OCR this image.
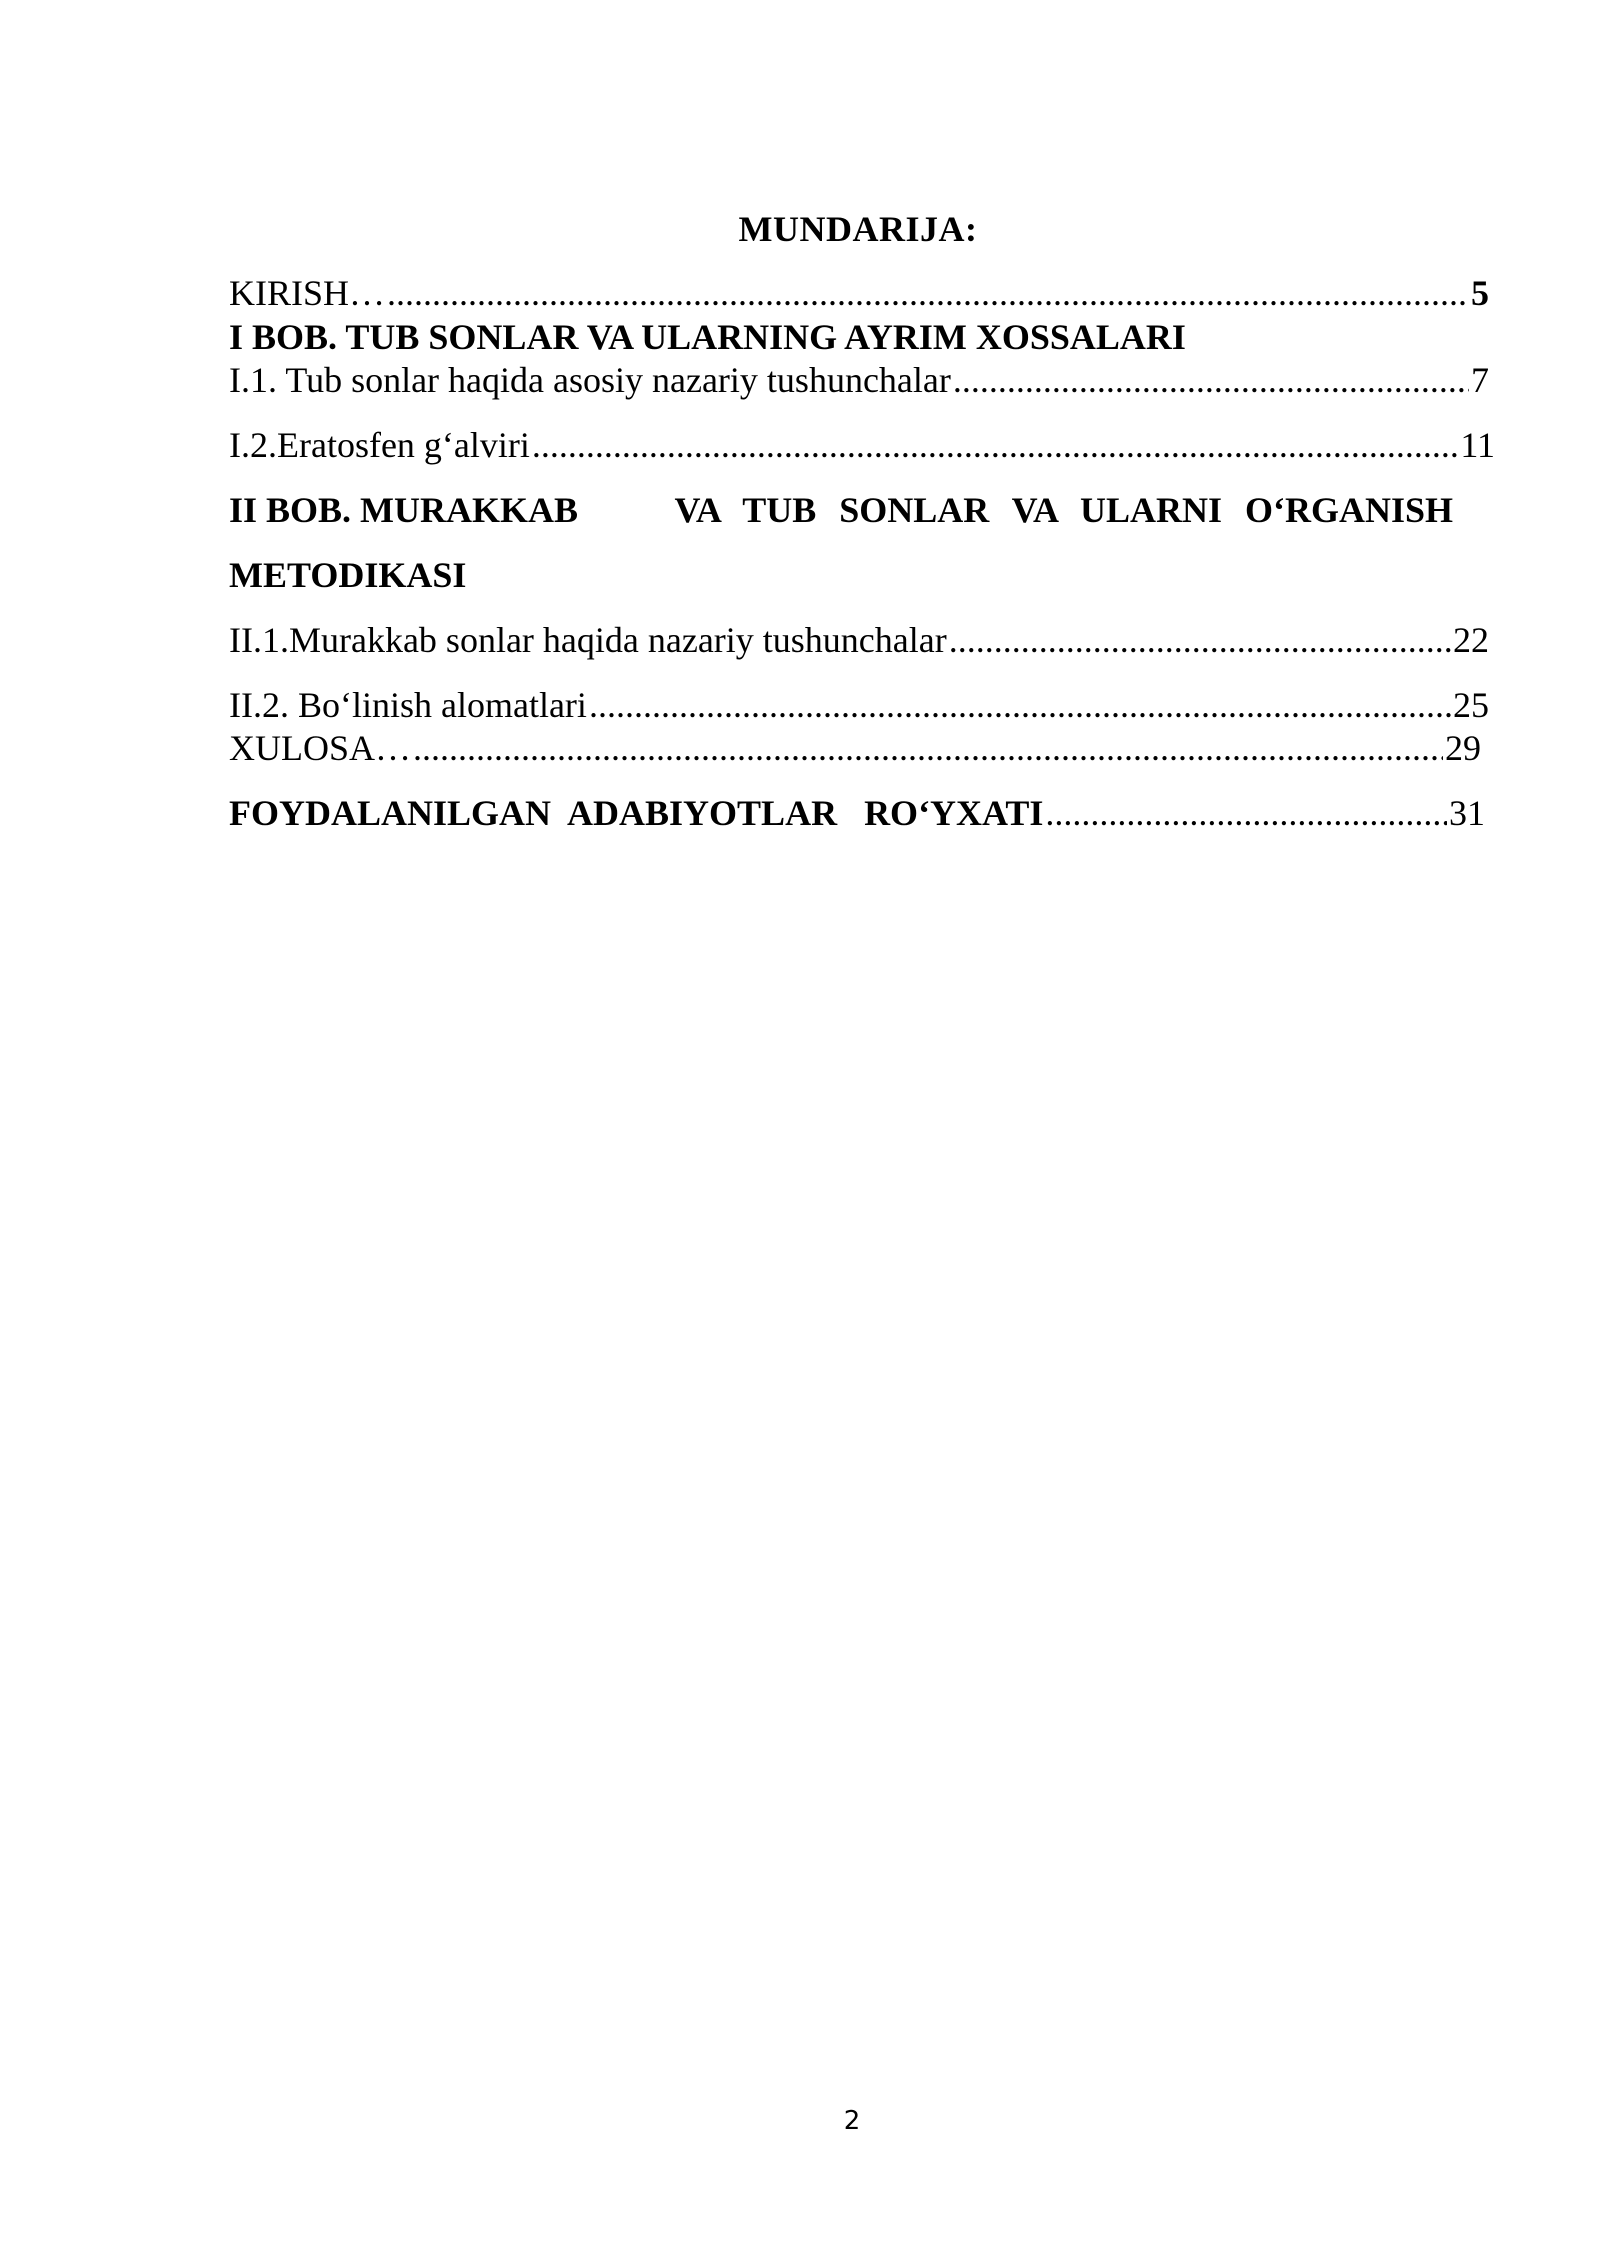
MUNDARIJA:
KIRISH… .....	5
I BOB. TUB SONLAR VA ULARNING AYRIM XOSSALARI
I.1. Tub sonlar haqida asosiy nazariy tushunchalar .....	7
I.2.Eratosfen g‘alviri .....	11
II BOB. MURAKKAB	VA TUB SONLAR VA ULARNI O‘RGANISH
METODIKASI
II.1.Murakkab sonlar haqida nazariy tushunchalar .....	22
II.2. Bo‘linish alomatlari .....	25
XULOSA… .....	29
FOYDALANILGAN  ADABIYOTLAR   RO‘YXATI .....	31
2
